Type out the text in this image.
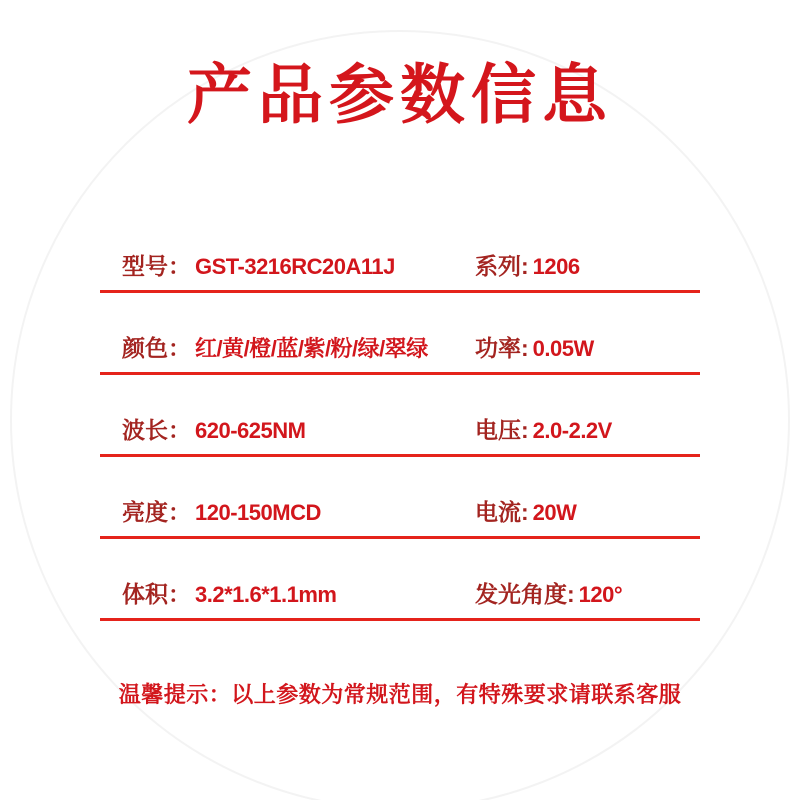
产品参数信息
型号： GST-3216RC20A11J	系列: 1206
颜色： 红/黄/橙/蓝/紫/粉/绿/翠绿	功率: 0.05W
波长： 620-625NM	电压: 2.0-2.2V
亮度： 120-150MCD	电流: 20W
体积： 3.2*1.6*1.1mm	发光角度: 120°

温馨提示：以上参数为常规范围，有特殊要求请联系客服
